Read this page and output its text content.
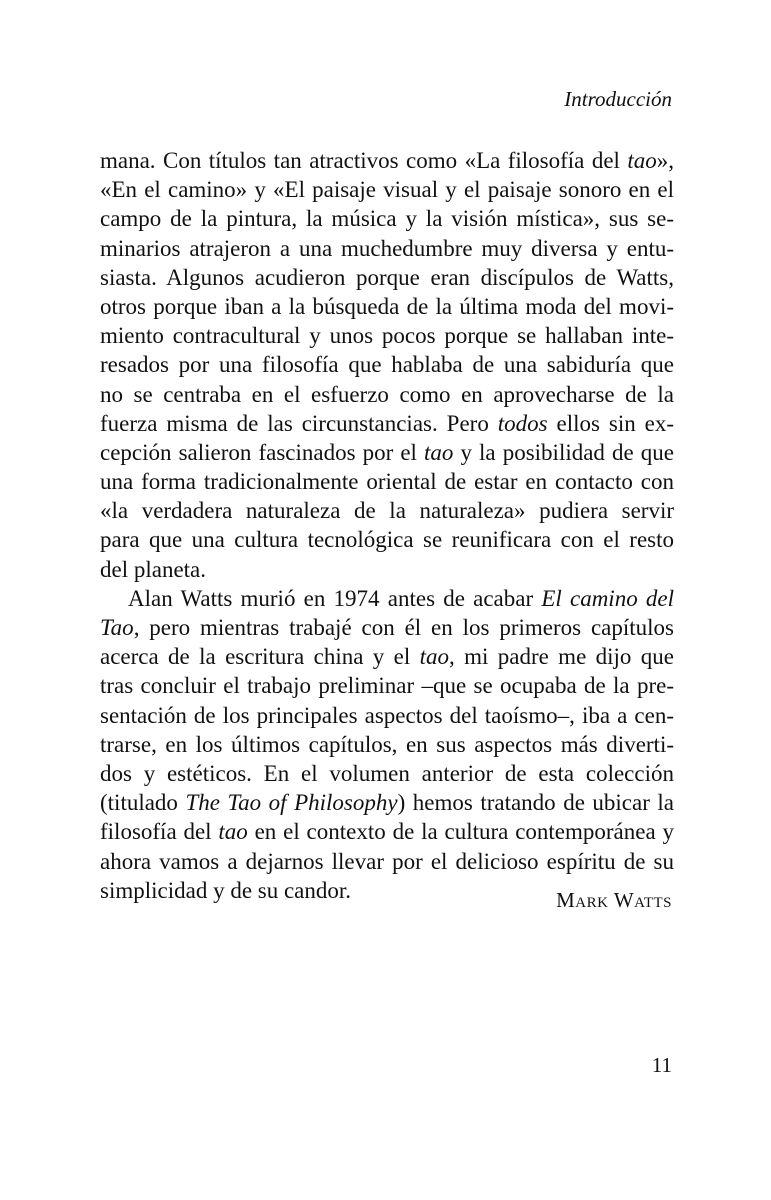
Introducción
mana. Con títulos tan atractivos como «La filosofía del tao»,
«En el camino» y «El paisaje visual y el paisaje sonoro en el
campo de la pintura, la música y la visión mística», sus se-
minarios atrajeron a una muchedumbre muy diversa y entu-
siasta. Algunos acudieron porque eran discípulos de Watts,
otros porque iban a la búsqueda de la última moda del movi-
miento contracultural y unos pocos porque se hallaban inte-
resados por una filosofía que hablaba de una sabiduría que
no se centraba en el esfuerzo como en aprovecharse de la
fuerza misma de las circunstancias. Pero todos ellos sin ex-
cepción salieron fascinados por el tao y la posibilidad de que
una forma tradicionalmente oriental de estar en contacto con
«la verdadera naturaleza de la naturaleza» pudiera servir
para que una cultura tecnológica se reunificara con el resto
del planeta.
Alan Watts murió en 1974 antes de acabar El camino del
Tao, pero mientras trabajé con él en los primeros capítulos
acerca de la escritura china y el tao, mi padre me dijo que
tras concluir el trabajo preliminar –que se ocupaba de la pre-
sentación de los principales aspectos del taoísmo–, iba a cen-
trarse, en los últimos capítulos, en sus aspectos más diverti-
dos y estéticos. En el volumen anterior de esta colección
(titulado The Tao of Philosophy) hemos tratando de ubicar la
filosofía del tao en el contexto de la cultura contemporánea y
ahora vamos a dejarnos llevar por el delicioso espíritu de su
simplicidad y de su candor.	Mark Watts
11
